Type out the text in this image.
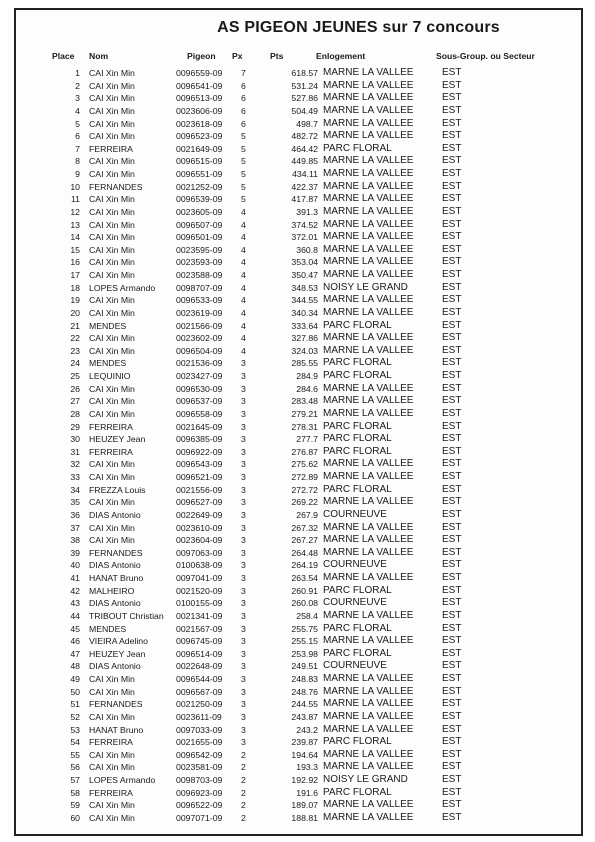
AS PIGEON JEUNES sur 7 concours
Place Nom	Pigeon Px	Pts	Enlogement	Sous-Group. ou Secteur
1 CAI Xin Min	0096559-09 7	618.57 MARNE LA VALLEE	EST
2 CAI Xin Min	0096541-09 6	531.24 MARNE LA VALLEE	EST
3 CAI Xin Min	0096513-09 6	527.86 MARNE LA VALLEE	EST
4 CAI Xin Min	0023606-09 6	504.49 MARNE LA VALLEE	EST
5 CAI Xin Min	0023618-09 6	498.7 MARNE LA VALLEE	EST
6 CAI Xin Min	0096523-09 5	482.72 MARNE LA VALLEE	EST
7 FERREIRA	0021649-09 5	464.42 PARC FLORAL	EST
8 CAI Xin Min	0096515-09 5	449.85 MARNE LA VALLEE	EST
9 CAI Xin Min	0096551-09 5	434.11 MARNE LA VALLEE	EST
10 FERNANDES	0021252-09 5	422.37 MARNE LA VALLEE	EST
11 CAI Xin Min	0096539-09 5	417.87 MARNE LA VALLEE	EST
12 CAI Xin Min	0023605-09 4	391.3 MARNE LA VALLEE	EST
13 CAI Xin Min	0096507-09 4	374.52 MARNE LA VALLEE	EST
14 CAI Xin Min	0096501-09 4	372.01 MARNE LA VALLEE	EST
15 CAI Xin Min	0023595-09 4	360.8 MARNE LA VALLEE	EST
16 CAI Xin Min	0023593-09 4	353.04 MARNE LA VALLEE	EST
17 CAI Xin Min	0023588-09 4	350.47 MARNE LA VALLEE	EST
18 LOPES Armando 0098707-09 4	348.53 NOISY LE GRAND	EST
19 CAI Xin Min	0096533-09 4	344.55 MARNE LA VALLEE	EST
20 CAI Xin Min	0023619-09 4	340.34 MARNE LA VALLEE	EST
21 MENDES	0021566-09 4	333.64 PARC FLORAL	EST
22 CAI Xin Min	0023602-09 4	327.86 MARNE LA VALLEE	EST
23 CAI Xin Min	0096504-09 4	324.03 MARNE LA VALLEE	EST
24 MENDES	0021536-09 3	285.55 PARC FLORAL	EST
25 LEQUINIO	0023427-09 3	284.9 PARC FLORAL	EST
26 CAI Xin Min	0096530-09 3	284.6 MARNE LA VALLEE	EST
27 CAI Xin Min	0096537-09 3	283.48 MARNE LA VALLEE	EST
28 CAI Xin Min	0096558-09 3	279.21 MARNE LA VALLEE	EST
29 FERREIRA	0021645-09 3	278.31 PARC FLORAL	EST
30 HEUZEY Jean	0096385-09 3	277.7 PARC FLORAL	EST
31 FERREIRA	0096922-09 3	276.87 PARC FLORAL	EST
32 CAI Xin Min	0096543-09 3	275.62 MARNE LA VALLEE	EST
33 CAI Xin Min	0096521-09 3	272.89 MARNE LA VALLEE	EST
34 FREZZA Louis	0021556-09 3	272.72 PARC FLORAL	EST
35 CAI Xin Min	0096527-09 3	269.22 MARNE LA VALLEE	EST
36 DIAS Antonio	0022649-09 3	267.9 COURNEUVE	EST
37 CAI Xin Min	0023610-09 3	267.32 MARNE LA VALLEE	EST
38 CAI Xin Min	0023604-09 3	267.27 MARNE LA VALLEE	EST
39 FERNANDES	0097063-09 3	264.48 MARNE LA VALLEE	EST
40 DIAS Antonio	0100638-09 3	264.19 COURNEUVE	EST
41 HANAT Bruno	0097041-09 3	263.54 MARNE LA VALLEE	EST
42 MALHEIRO	0021520-09 3	260.91 PARC FLORAL	EST
43 DIAS Antonio	0100155-09 3	260.08 COURNEUVE	EST
44 TRIBOUT Christian 0021341-09 3	258.4 MARNE LA VALLEE	EST
45 MENDES	0021567-09 3	255.75 PARC FLORAL	EST
46 VIEIRA Adelino	0096745-09 3	255.15 MARNE LA VALLEE	EST
47 HEUZEY Jean	0096514-09 3	253.98 PARC FLORAL	EST
48 DIAS Antonio	0022648-09 3	249.51 COURNEUVE	EST
49 CAI Xin Min	0096544-09 3	248.83 MARNE LA VALLEE	EST
50 CAI Xin Min	0096567-09 3	248.76 MARNE LA VALLEE	EST
51 FERNANDES	0021250-09 3	244.55 MARNE LA VALLEE	EST
52 CAI Xin Min	0023611-09 3	243.87 MARNE LA VALLEE	EST
53 HANAT Bruno	0097033-09 3	243.2 MARNE LA VALLEE	EST
54 FERREIRA	0021655-09 3	239.87 PARC FLORAL	EST
55 CAI Xin Min	0096542-09 2	194.64 MARNE LA VALLEE	EST
56 CAI Xin Min	0023581-09 2	193.3 MARNE LA VALLEE	EST
57 LOPES Armando 0098703-09 2	192.92 NOISY LE GRAND	EST
58 FERREIRA	0096923-09 2	191.6 PARC FLORAL	EST
59 CAI Xin Min	0096522-09 2	189.07 MARNE LA VALLEE	EST
60 CAI Xin Min	0097071-09 2	188.81 MARNE LA VALLEE	EST
